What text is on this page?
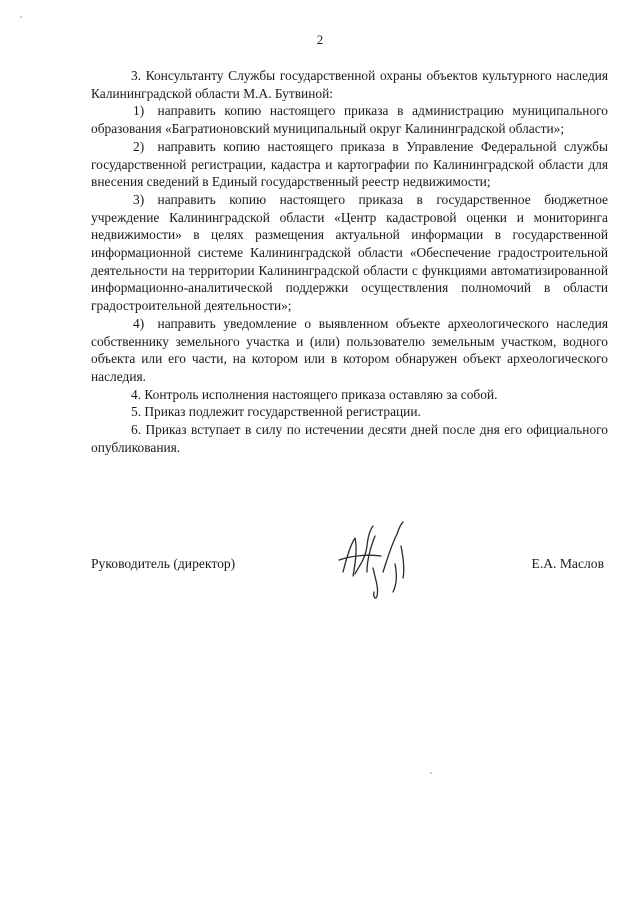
2

3. Консультанту Службы государственной охраны объектов культурного наследия Калининградской области М.А. Бутвиной:

1) направить копию настоящего приказа в администрацию муниципального образования «Багратионовский муниципальный округ Калининградской области»;

2) направить копию настоящего приказа в Управление Федеральной службы государственной регистрации, кадастра и картографии по Калининградской области для внесения сведений в Единый государственный реестр недвижимости;

3) направить копию настоящего приказа в государственное бюджетное учреждение Калининградской области «Центр кадастровой оценки и мониторинга недвижимости» в целях размещения актуальной информации в государственной информационной системе Калининградской области «Обеспечение градостроительной деятельности на территории Калининградской области с функциями автоматизированной информационно-аналитической поддержки осуществления полномочий в области градостроительной деятельности»;

4) направить уведомление о выявленном объекте археологического наследия собственнику земельного участка и (или) пользователю земельным участком, водного объекта или его части, на котором или в котором обнаружен объект археологического наследия.

4. Контроль исполнения настоящего приказа оставляю за собой.

5. Приказ подлежит государственной регистрации.

6. Приказ вступает в силу по истечении десяти дней после дня его официального опубликования.

Руководитель (директор)	Е.А. Маслов
